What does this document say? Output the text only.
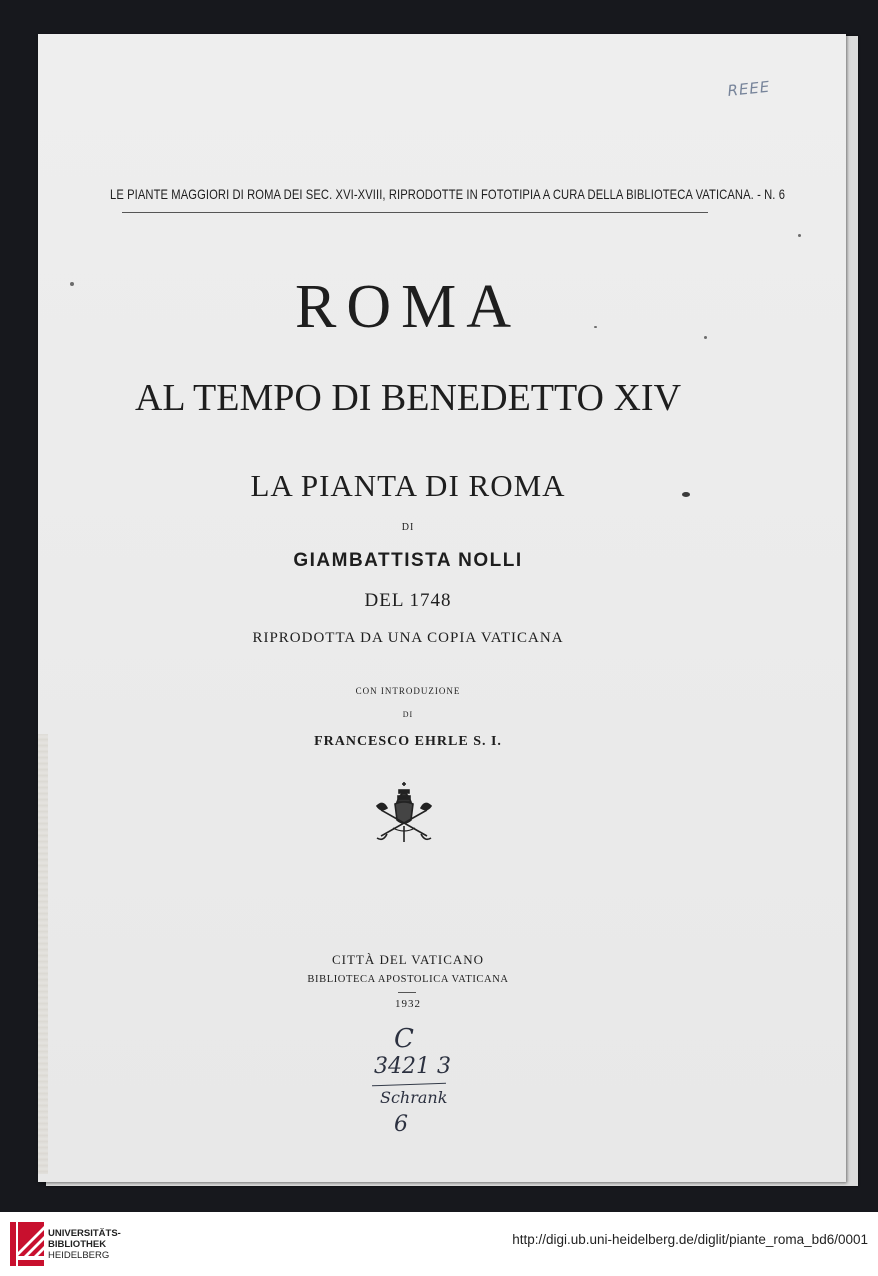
REEE
LE PIANTE MAGGIORI DI ROMA DEI SEC. XVI-XVIII, RIPRODOTTE IN FOTOTIPIA A CURA DELLA BIBLIOTECA VATICANA. - N. 6
ROMA
AL TEMPO DI BENEDETTO XIV
LA PIANTA DI ROMA
DI
GIAMBATTISTA NOLLI
DEL 1748
RIPRODOTTA DA UNA COPIA VATICANA
CON INTRODUZIONE
DI
FRANCESCO EHRLE S. I.
CITTÀ DEL VATICANO
BIBLIOTECA APOSTOLICA VATICANA
1932
C
3421 3
Schrank
6
UNIVERSITÄTS-
BIBLIOTHEK
HEIDELBERG
http://digi.ub.uni-heidelberg.de/diglit/piante_roma_bd6/0001
